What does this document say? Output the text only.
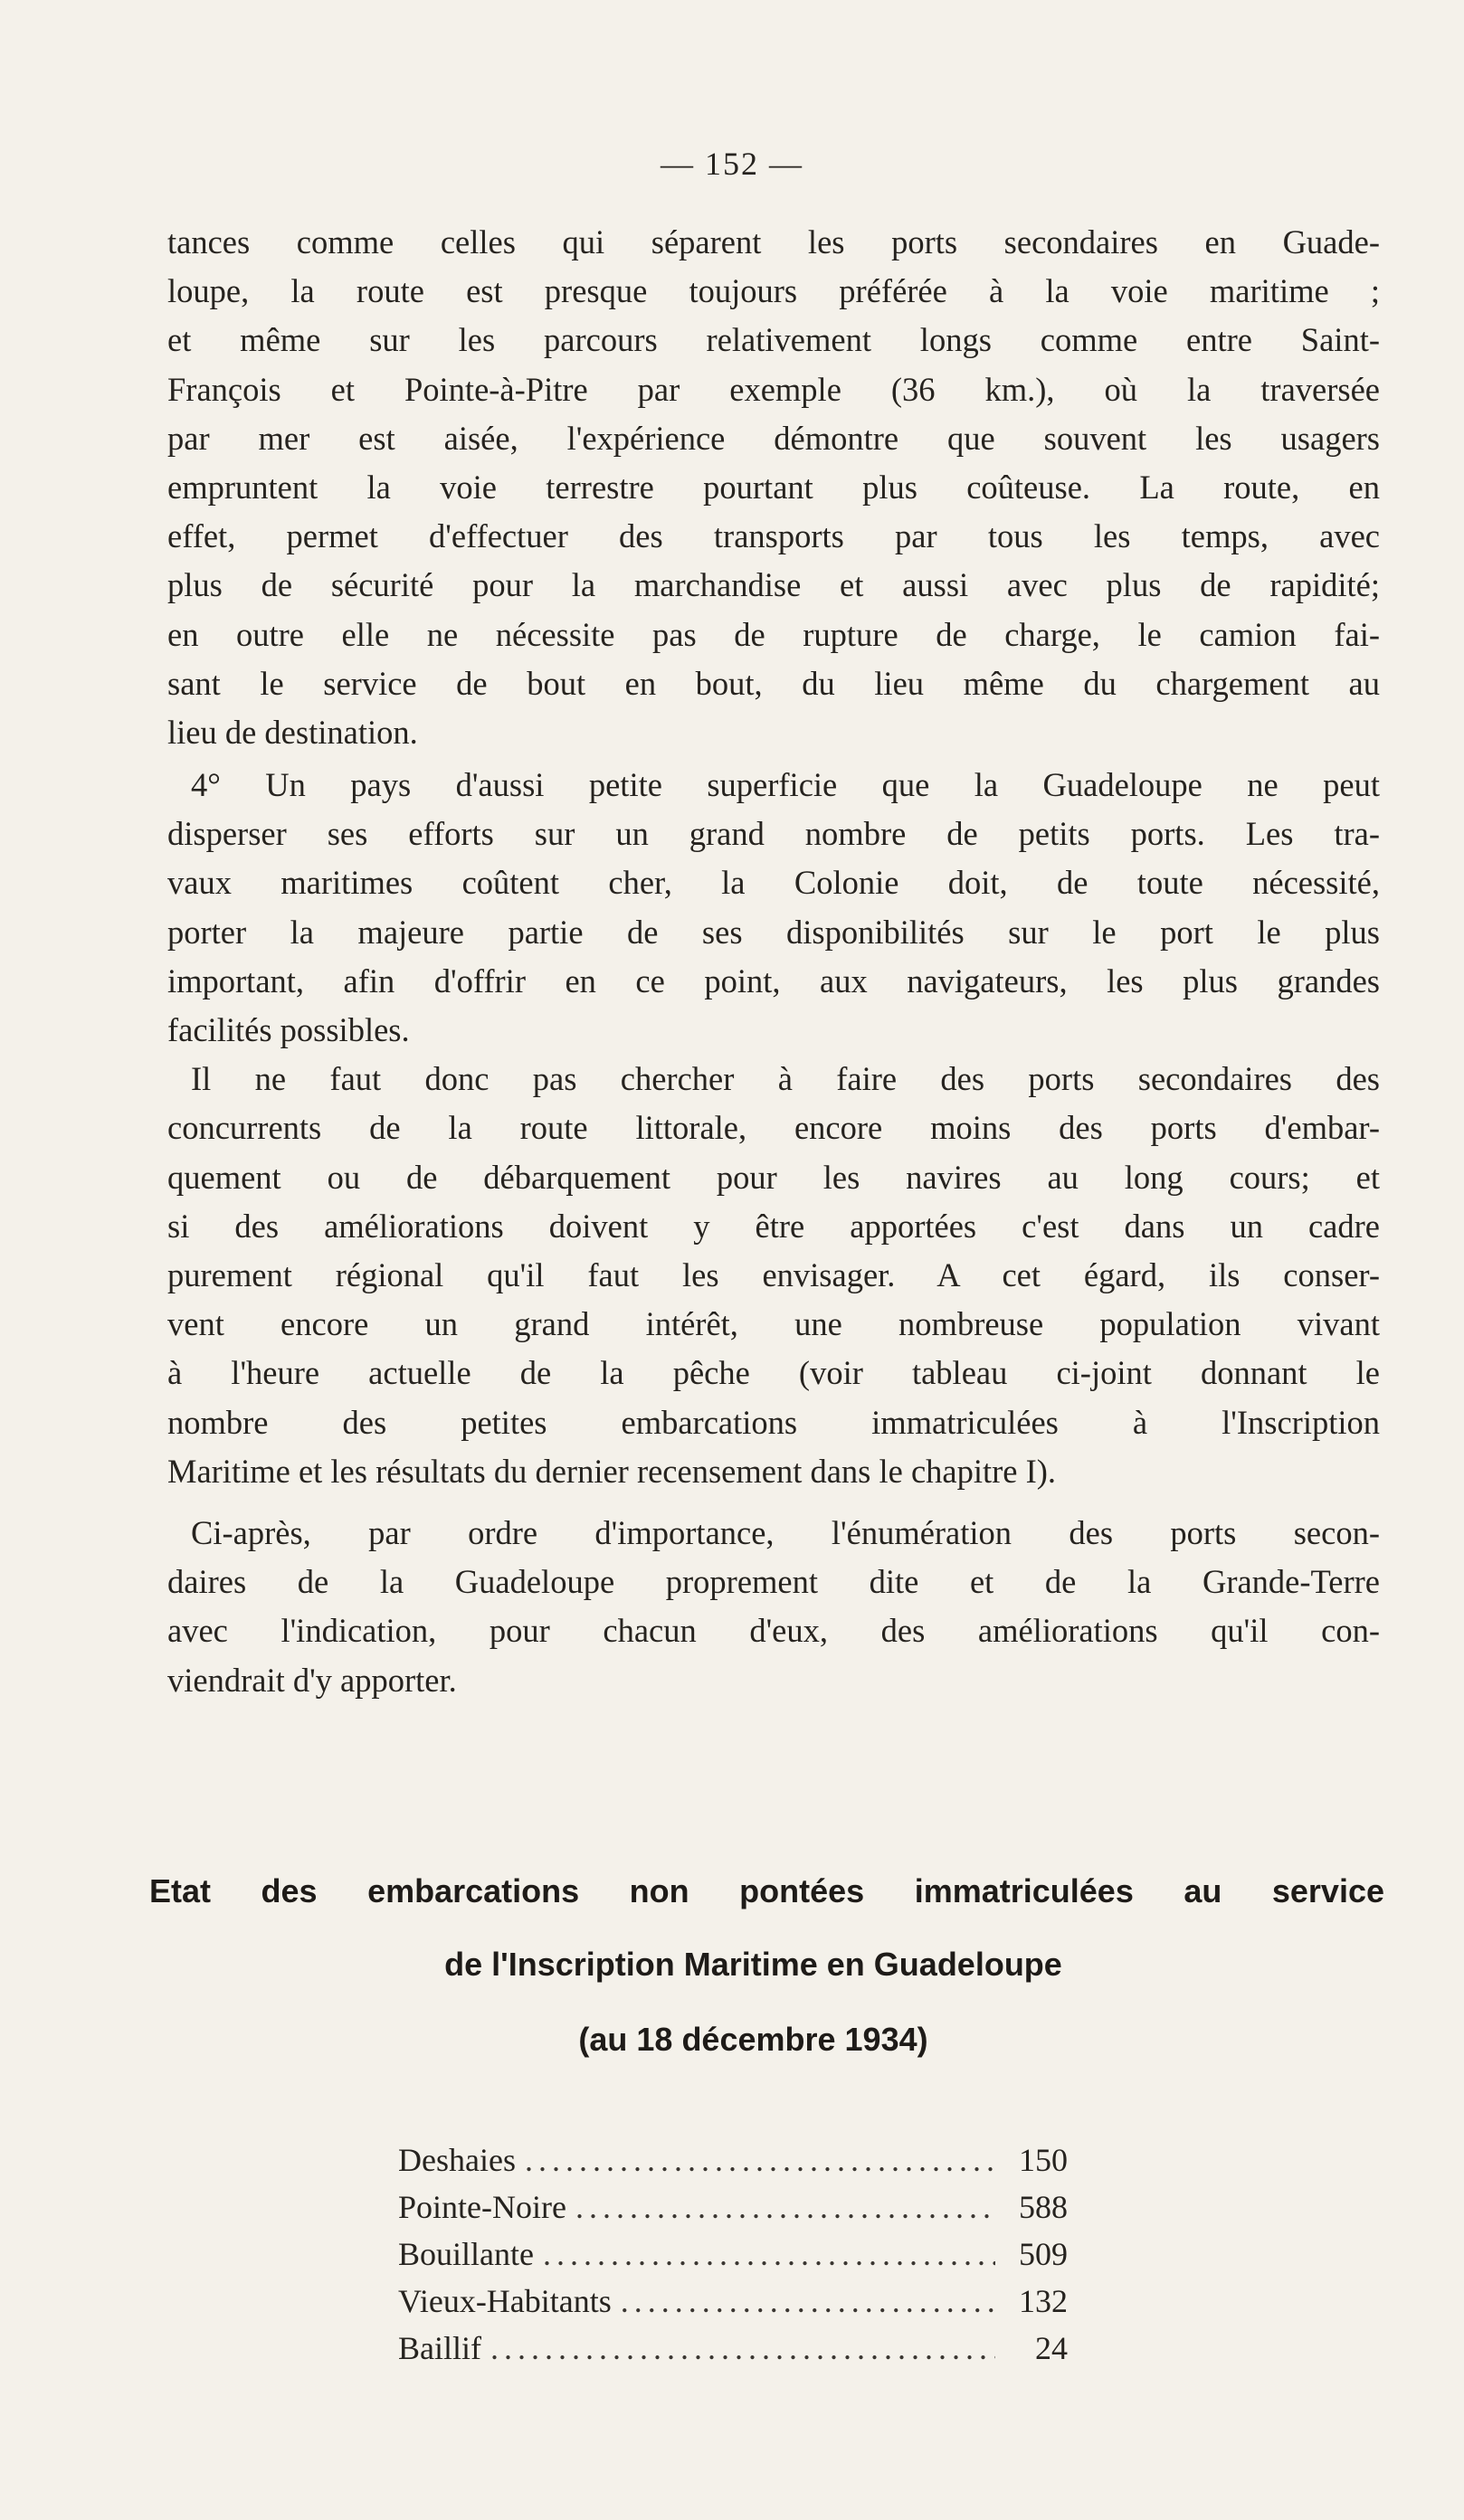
— 152 —
tances comme celles qui séparent les ports secondaires en Guade-
loupe, la route est presque toujours préférée à la voie maritime ;
et même sur les parcours relativement longs comme entre Saint-
François et Pointe-à-Pitre par exemple (36 km.), où la traversée
par mer est aisée, l'expérience démontre que souvent les usagers
empruntent la voie terrestre pourtant plus coûteuse. La route, en
effet, permet d'effectuer des transports par tous les temps, avec
plus de sécurité pour la marchandise et aussi avec plus de rapidité;
en outre elle ne nécessite pas de rupture de charge, le camion fai-
sant le service de bout en bout, du lieu même du chargement au
lieu de destination.
4° Un pays d'aussi petite superficie que la Guadeloupe ne peut
disperser ses efforts sur un grand nombre de petits ports. Les tra-
vaux maritimes coûtent cher, la Colonie doit, de toute nécessité,
porter la majeure partie de ses disponibilités sur le port le plus
important, afin d'offrir en ce point, aux navigateurs, les plus grandes
facilités possibles.
Il ne faut donc pas chercher à faire des ports secondaires des
concurrents de la route littorale, encore moins des ports d'embar-
quement ou de débarquement pour les navires au long cours; et
si des améliorations doivent y être apportées c'est dans un cadre
purement régional qu'il faut les envisager. A cet égard, ils conser-
vent encore un grand intérêt, une nombreuse population vivant
à l'heure actuelle de la pêche (voir tableau ci-joint donnant le
nombre des petites embarcations immatriculées à l'Inscription
Maritime et les résultats du dernier recensement dans le chapitre I).
Ci-après, par ordre d'importance, l'énumération des ports secon-
daires de la Guadeloupe proprement dite et de la Grande-Terre
avec l'indication, pour chacun d'eux, des améliorations qu'il con-
viendrait d'y apporter.
Etat des embarcations non pontées immatriculées au service
de l'Inscription Maritime en Guadeloupe
(au 18 décembre 1934)
Deshaies .....	150
Pointe-Noire .....	588
Bouillante .....	509
Vieux-Habitants .....	132
Baillif .....	24
